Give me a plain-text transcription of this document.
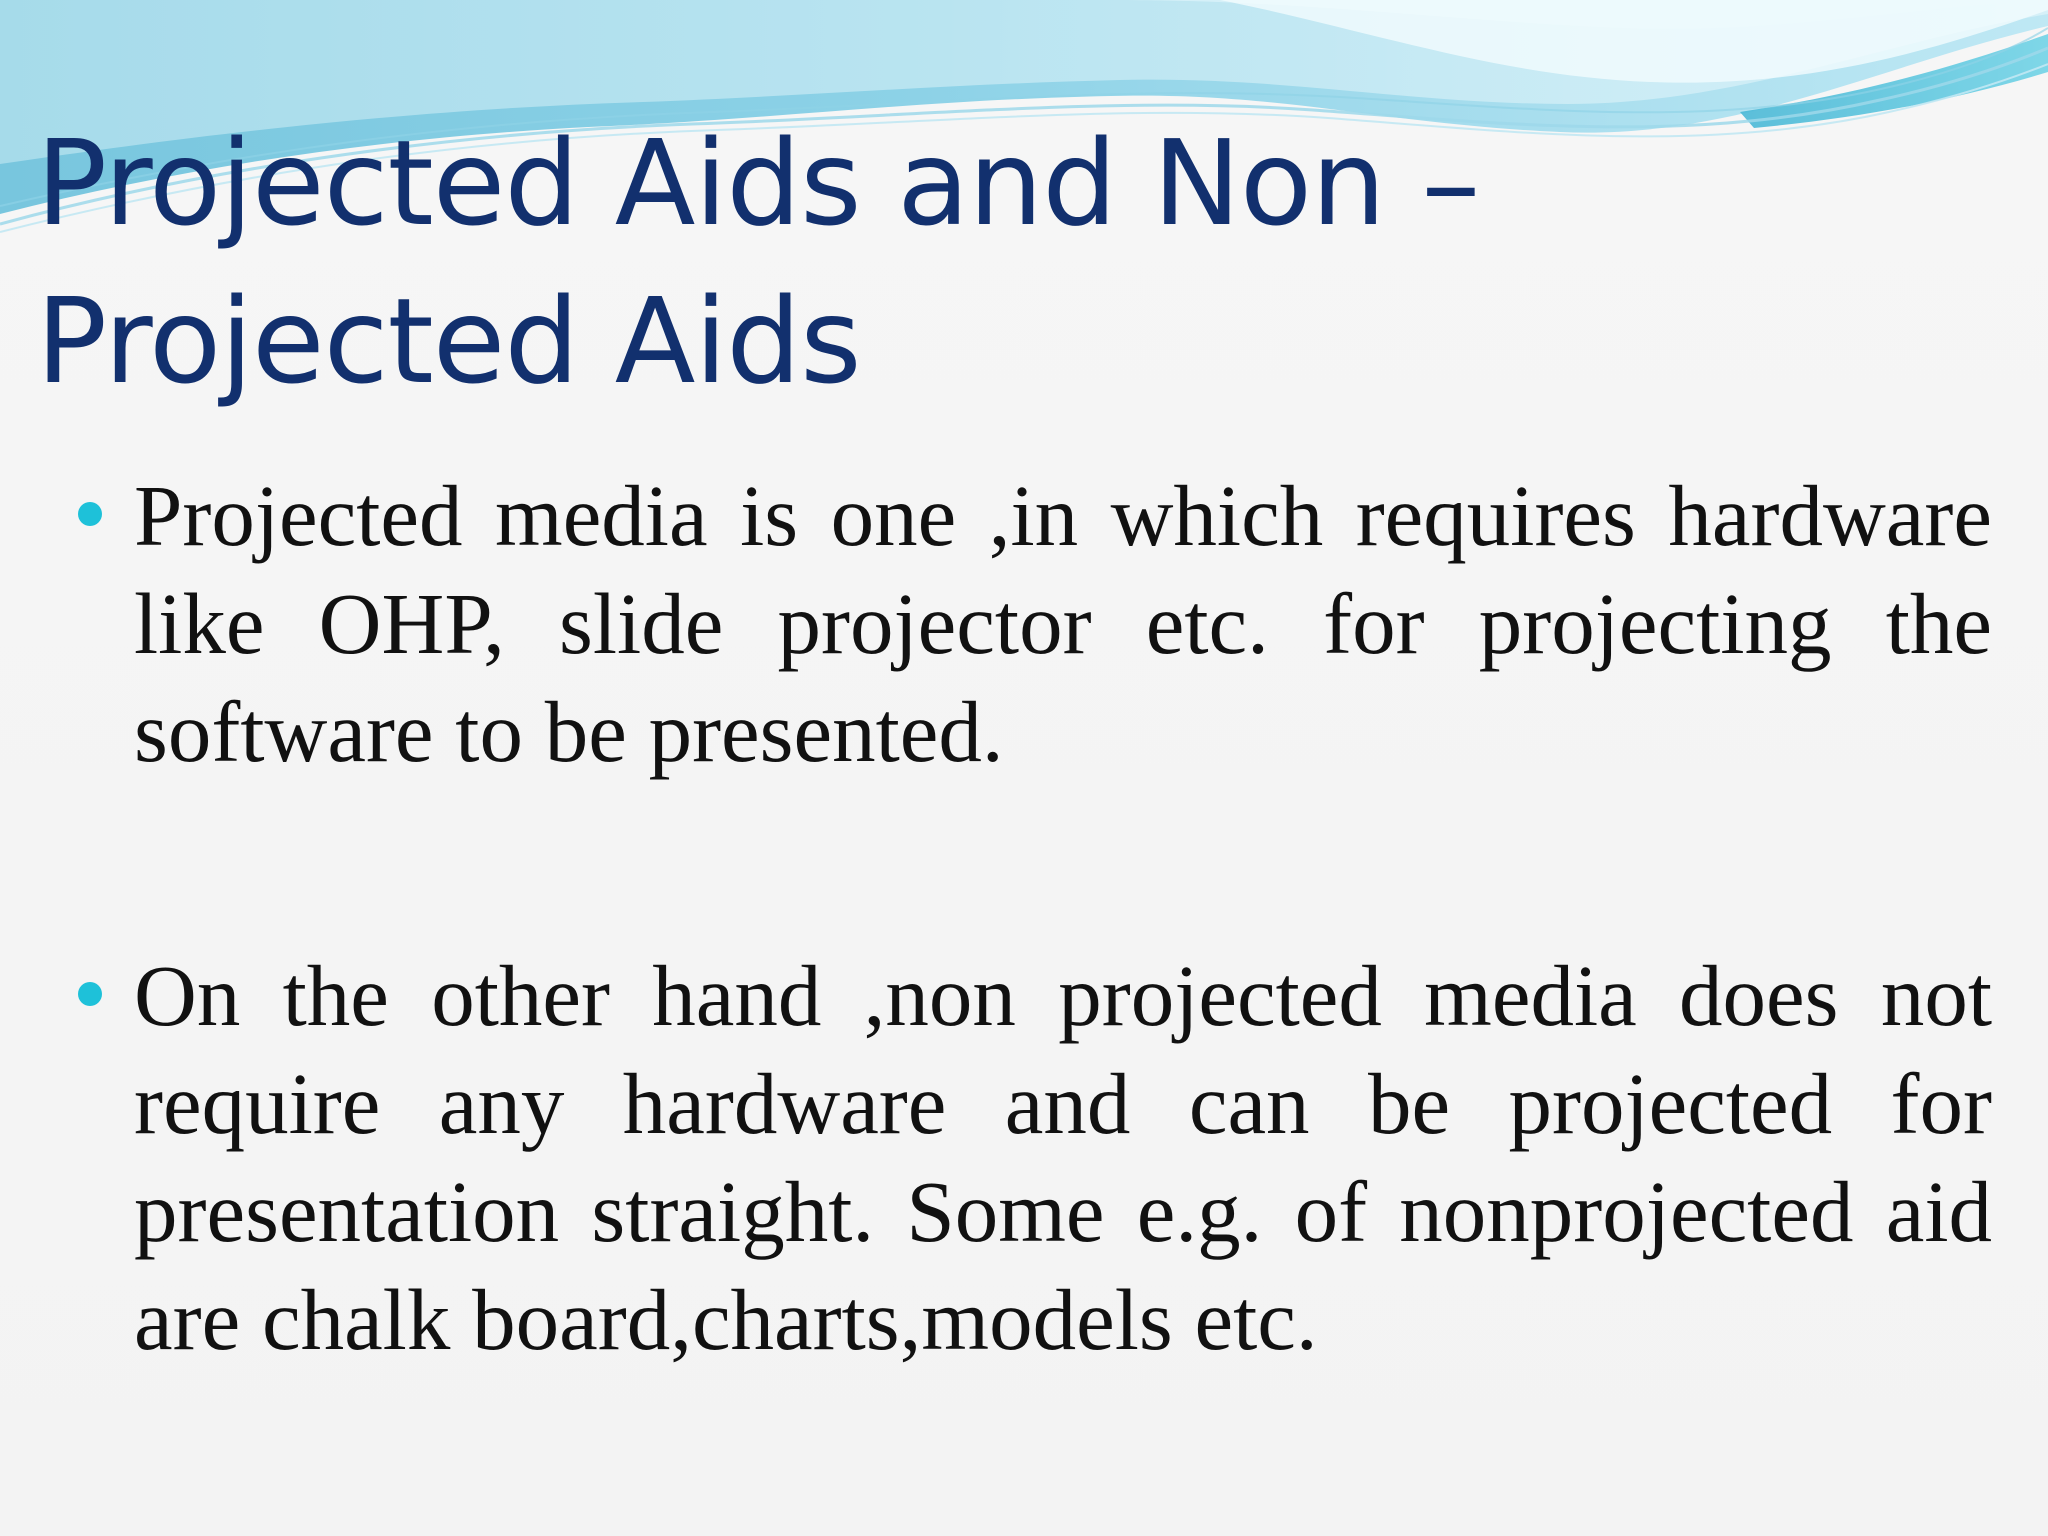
Projected Aids and Non –Projected Aids
Projected media is one ,in which requires hardware like OHP, slide projector etc. for projecting the software to be presented.
On the other hand ,non projected media does not require any hardware and can be projected for presentation straight. Some e.g. of nonprojected aid are chalk board,charts,models etc.
